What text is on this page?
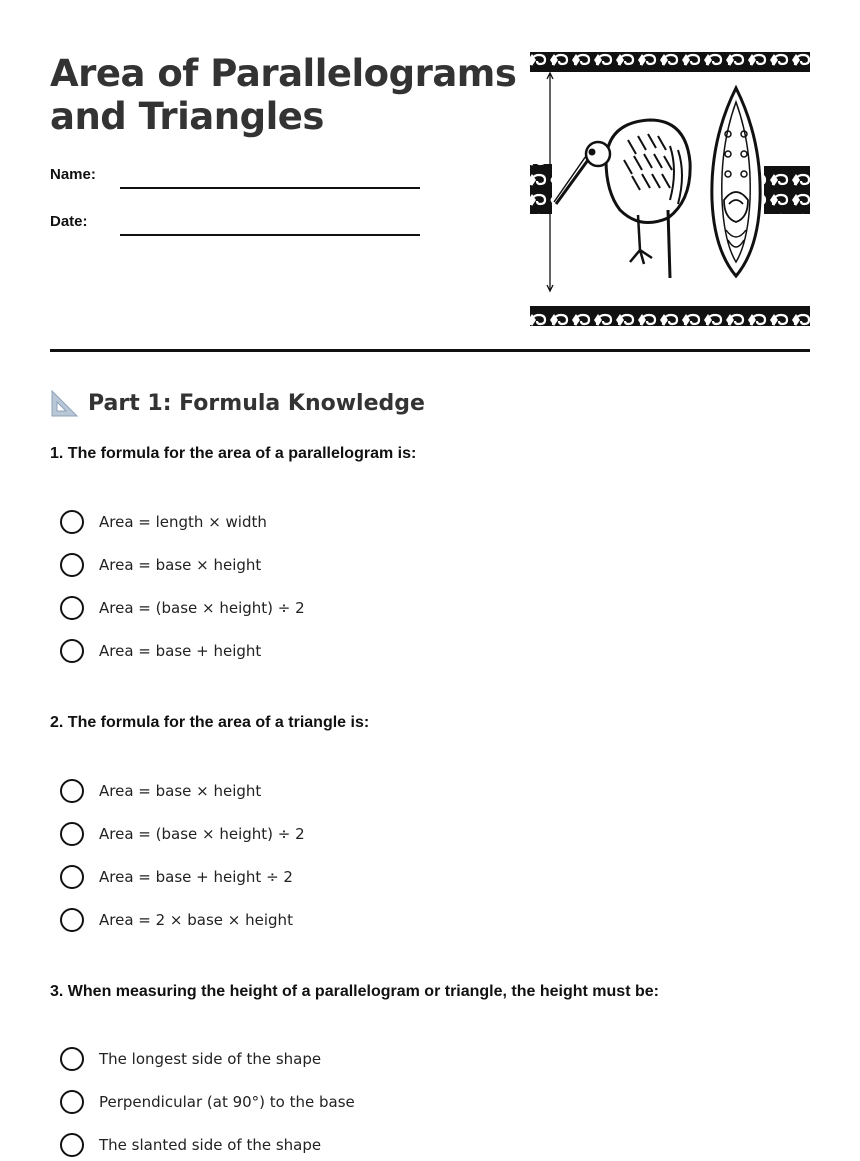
Area of Parallelograms and Triangles
Name:
Date:
Part 1: Formula Knowledge

1. The formula for the area of a parallelogram is:

Area = length × width
Area = base × height
Area = (base × height) ÷ 2
Area = base + height

2. The formula for the area of a triangle is:

Area = base × height
Area = (base × height) ÷ 2
Area = base + height ÷ 2
Area = 2 × base × height

3. When measuring the height of a parallelogram or triangle, the height must be:

The longest side of the shape
Perpendicular (at 90°) to the base
The slanted side of the shape
